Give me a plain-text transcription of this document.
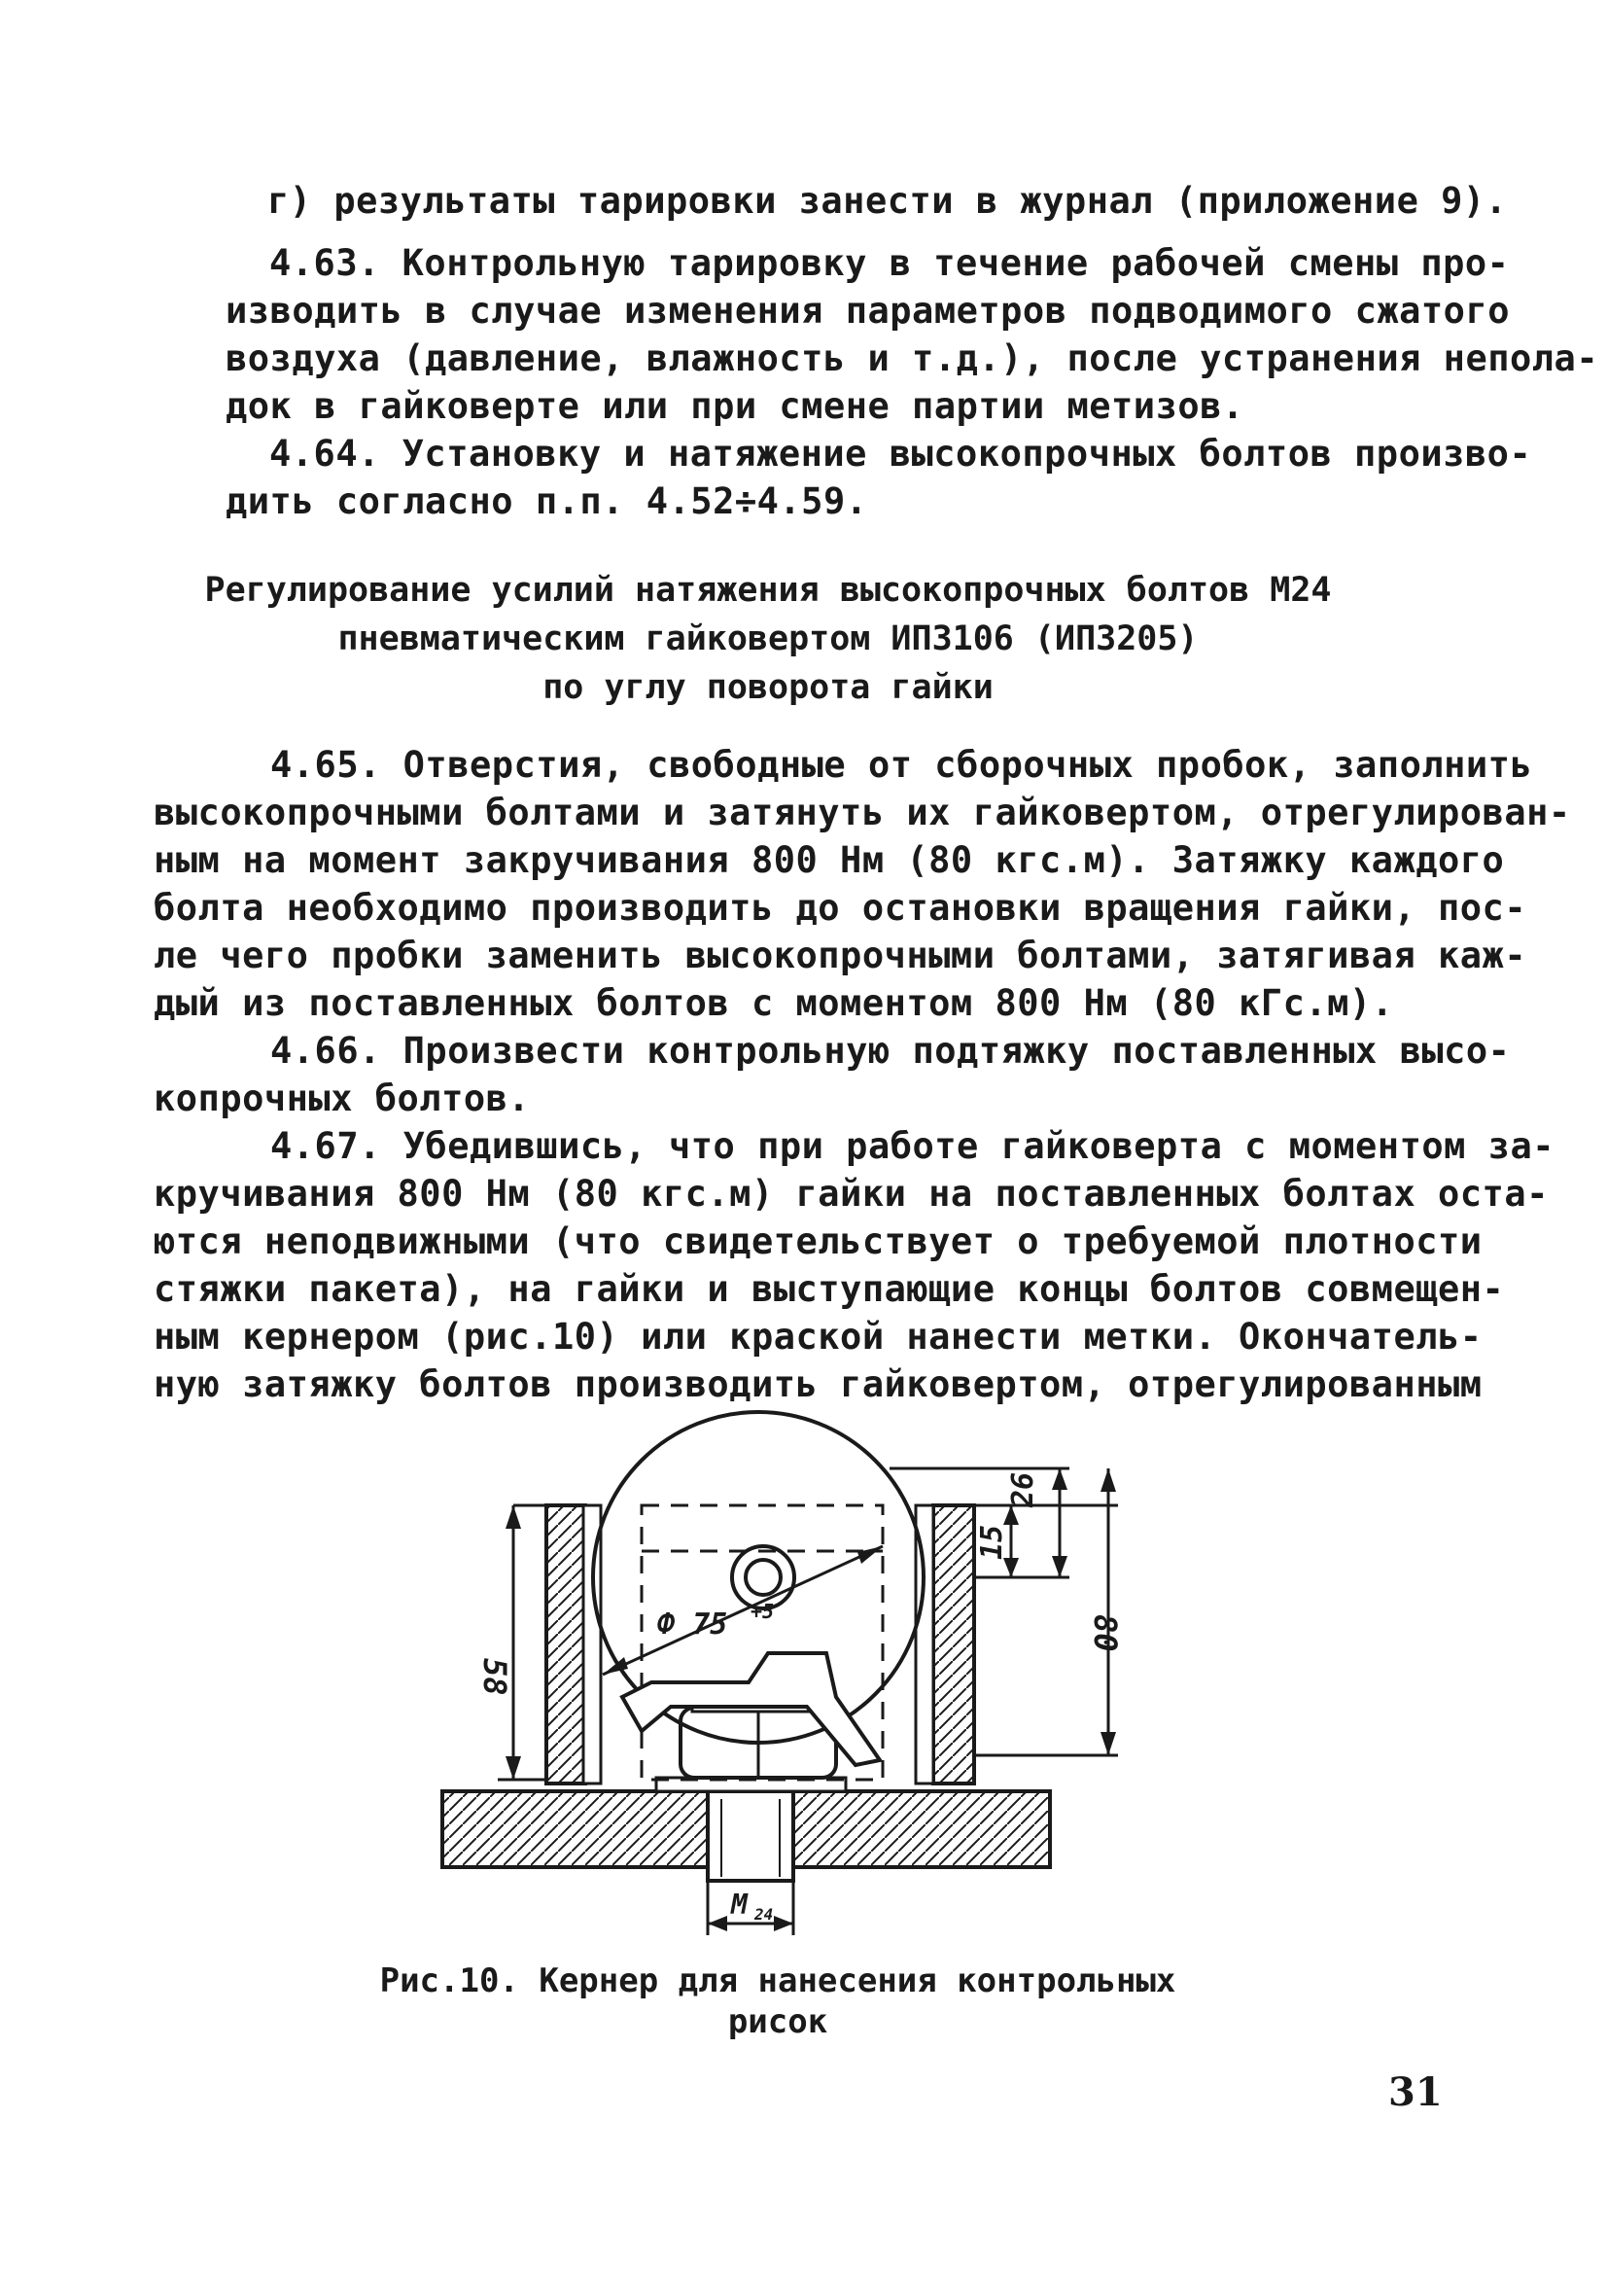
г) результаты тарировки занести в журнал (приложение 9).

4.63. Контрольную тарировку в течение рабочей смены про-
изводить в случае изменения параметров подводимого сжатого
воздуха (давление, влажность и т.д.), после устранения непола-
док в гайковерте или при смене партии метизов.

4.64. Установку и натяжение высокопрочных болтов произво-
дить согласно п.п. 4.52÷4.59.

Регулирование усилий натяжения высокопрочных болтов М24
пневматическим гайковертом ИП3106 (ИП3205)
по углу поворота гайки

4.65. Отверстия, свободные от сборочных пробок, заполнить
высокопрочными болтами и затянуть их гайковертом, отрегулирован-
ным на момент закручивания 800 Нм (80 кгс.м). Затяжку каждого
болта необходимо производить до остановки вращения гайки, пос-
ле чего пробки заменить высокопрочными болтами, затягивая каж-
дый из поставленных болтов с моментом 800 Нм (80 кГс.м).

4.66. Произвести контрольную подтяжку поставленных высо-
копрочных болтов.

4.67. Убедившись, что при работе гайковерта с моментом за-
кручивания 800 Нм (80 кгс.м) гайки на поставленных болтах оста-
ются неподвижными (что свидетельствует о требуемой плотности
стяжки пакета), на гайки и выступающие концы болтов совмещен-
ным кернером (рис.10) или краской нанести метки. Окончатель-
ную затяжку болтов производить гайковертом, отрегулированным

Ф 75 +5
58
26
15
80
М 24

Рис.10. Кернер для нанесения контрольных
рисок

31
